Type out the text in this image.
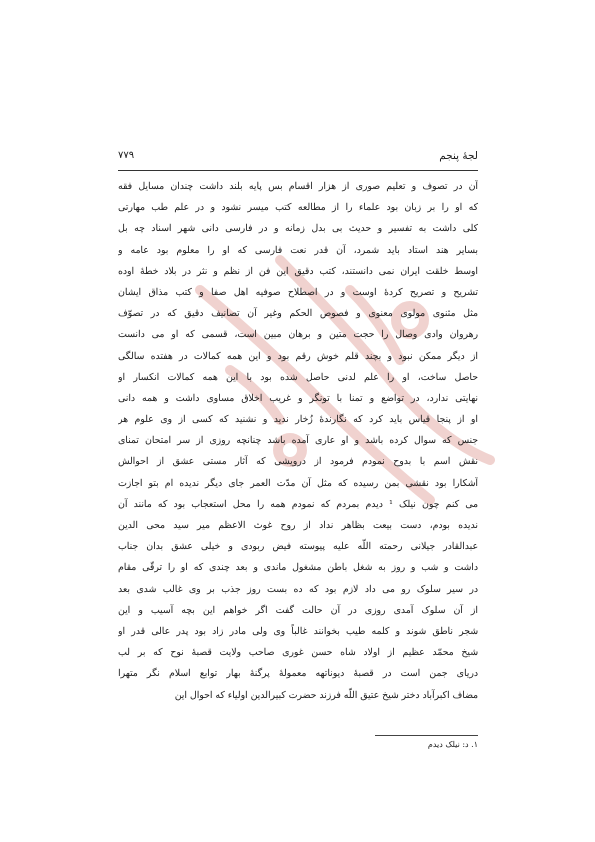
لجهٔ پنجم
۷۷۹
آن در تصوف و تعلیم صوری از هزار اقسام بس پایه بلند داشت چندان مسایل فقه
که او را بر زبان بود علماء را از مطالعه کتب میسر نشود و در علم طب مهارتی
کلی داشت به تفسیر و حدیث بی بدل زمانه و در فارسی دانی شهر اسناد چه بل
بسایر هند استاد باید شمرد، آن قدر نعت فارسی که او را معلوم بود عامه و
اوسط خلقت ایران نمی دانستند، کتب دقیق این فن از نظم و نثر در بلاد خطهٔ اوده
تشریح و تصریح کردهٔ اوست و در اصطلاح صوفیه اهل صفا و کتب مذاق ایشان
مثل مثنوی مولوی معنوی و فصوص الحکم وغیر آن تصانیف دقیق که در تصوّف
رهروان وادی وصال را حجت متین و برهان مبین است، قسمی که او می دانست
از دیگر ممکن نبود و بچند قلم خوش رقم بود و این همه کمالات در هفتده سالگی
حاصل ساخت، او را علم لدنی حاصل شده بود با این همه کمالات انکسار او
نهایتی ندارد، در تواضع و تمنا با تونگر و غریب اخلاق مساوی داشت و همه دانی
او از پنجا قیاس باید کرد که نگارندهٔ زُخار ندید و نشنید که کسی از وی علوم هر
جنس که سوال کرده باشد و او عاری آمده باشد چنانچه روزی از سر امتحان تمنای
نقش اسم با بدوح نمودم فرمود از درویشی که آثار مستی عشق از احوالش
آشکارا بود نقشی بمن رسیده که مثل آن مدّت العمر جای دیگر ندیده ام بتو اجازت
می کنم چون نیلک ¹ دیدم بمردم که نمودم همه را محل استعجاب بود که مانند آن
ندیده بودم، دست بیعت بظاهر نداد از روح غوث الاعظم میر سید محی الدین
عبدالقادر جیلانی رحمته اللّه علیه پیوسته فیض ربودی و خیلی عشق بدان جناب
داشت و شب و روز به شغل باطن مشغول ماندی و بعد چندی که او را ترقّی مقام
در سیر سلوک رو می داد لازم بود که ده بست روز جذب بر وی غالب شدی بعد
از آن سلوک آمدی روزی در آن حالت گفت اگر خواهم این بچه آسیب و این
شجر ناطق شوند و کلمه طیب بخوانند غالباً وی ولی مادر زاد بود پدر عالی قدر او
شیخ محمّد عظیم از اولاد شاه حسن غوری صاحب ولایت قصبهٔ نوح که بر لب
دریای جمن است در قصبهٔ دیوناتهه معمولهٔ پرگنهٔ بهار توابع اسلام نگر متهرا
مضاف اکبرآباد دختر شیخ عتیق اللّه فرزند حضرت کبیرالدین اولیاء که احوال این
۱. د: نیلک دیدم
